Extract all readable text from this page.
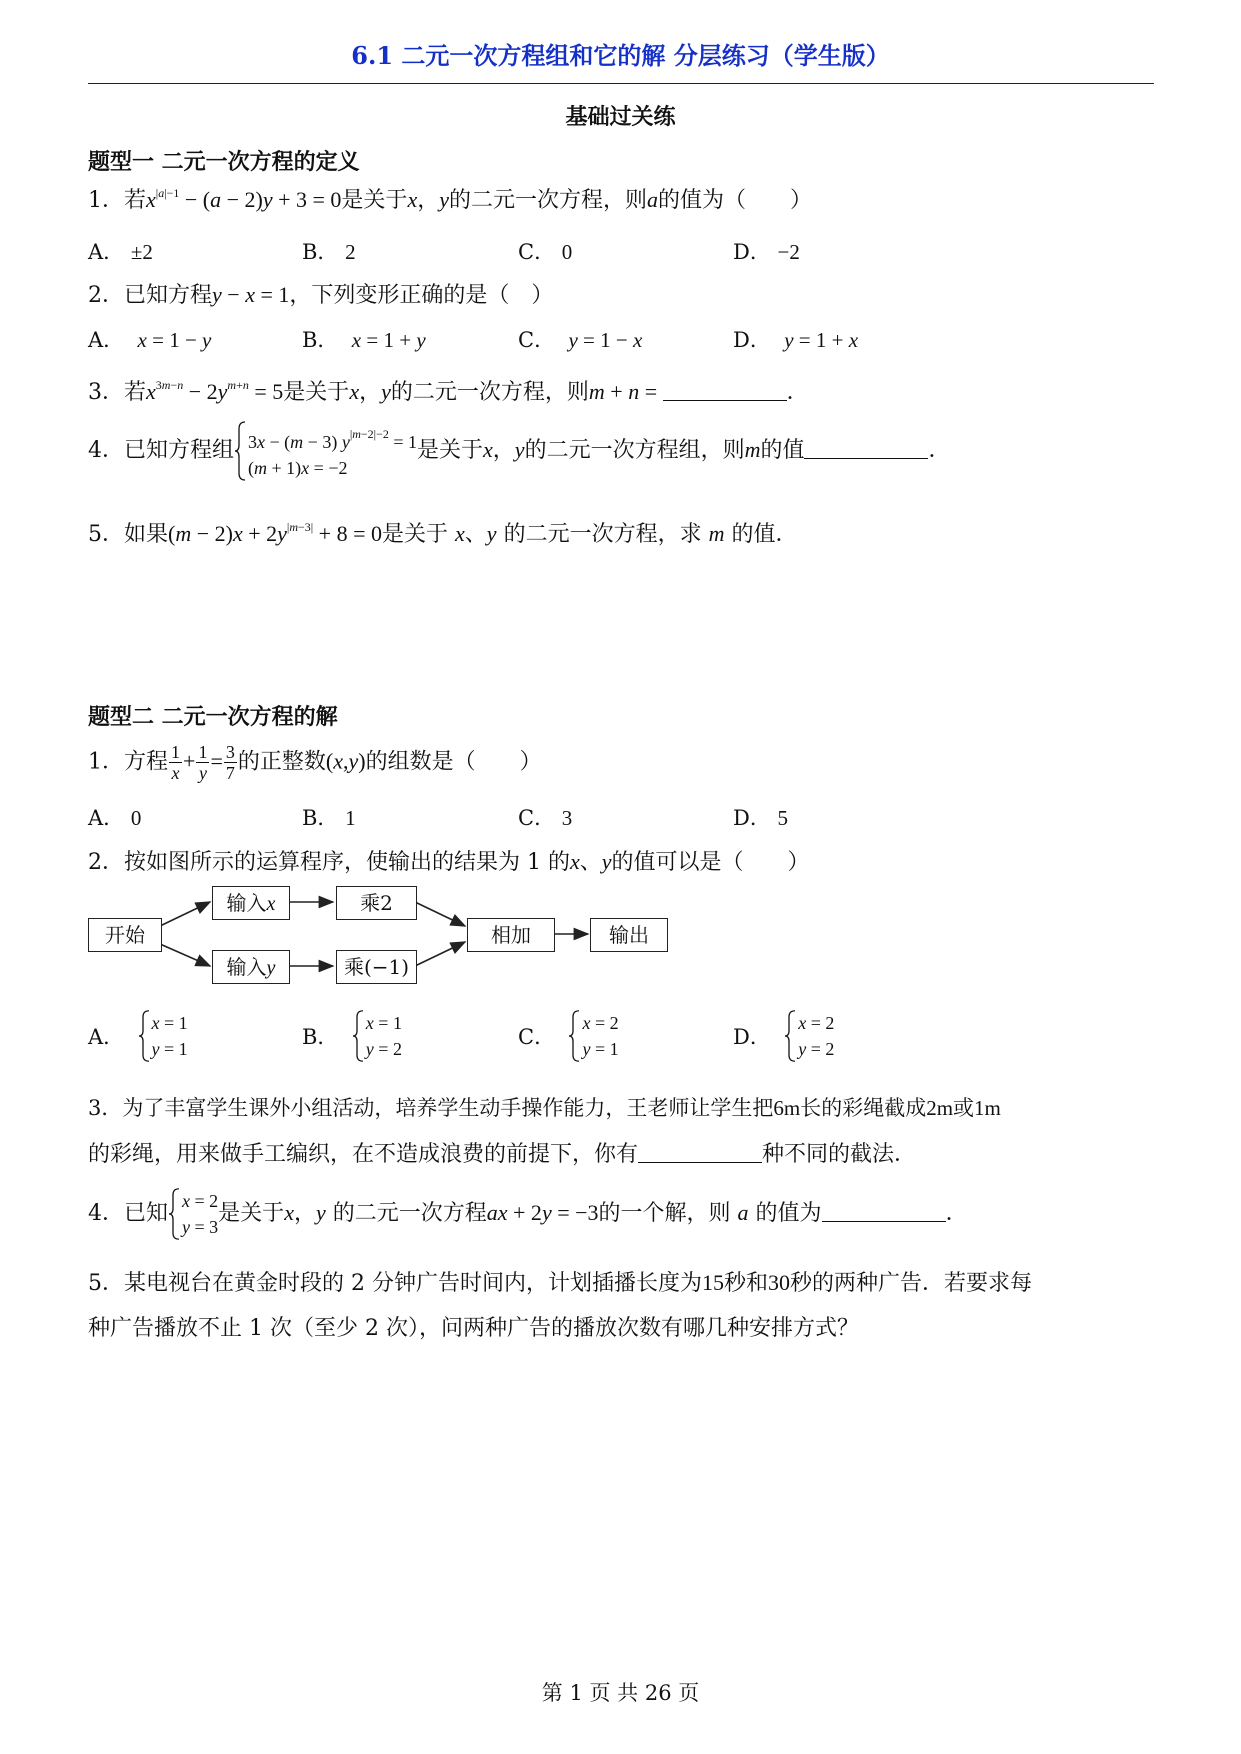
6.1 二元一次方程组和它的解 分层练习（学生版）
基础过关练
题型一 二元一次方程的定义
1．若$x^{|a|-1} - (a - 2)y + 3 = 0$是关于x，y的二元一次方程，则a的值为（　　）
A． ±2	B． 2	C． 0	D． −2
2．已知方程y − x = 1，下列变形正确的是（　）
A． x = 1 − y	B． x = 1 + y	C． y = 1 − x	D． y = 1 + x
3．若$x^{3m-n} - 2y^{m+n} = 5$是关于x，y的二元一次方程，则m + n =	．
4．已知方程组 3x − (m − 3) $y^{|m-2|-2} = 1$
(m + 1)x = −2
是关于x，y的二元一次方程组，则m的值	．
5．如果$(m - 2)x + 2y^{|m-3|} + 8 = 0$是关于 x、y 的二元一次方程，求 m 的值．
题型二 二元一次方程的解
1．方程 $\frac{1}{x} + \frac{1}{y} = \frac{3}{7}$ 的正整数(x,y)的组数是（　　）
A． 0	B． 1	C． 3	D． 5
2．按如图所示的运算程序，使输出的结果为 1 的x、y的值可以是（　　）
开始
输入x	乘2
输入y	乘(−1)
相加	输出
A．
x = 1
y = 1	B．
x = 1
y = 2	C．
x = 2
y = 1	D．
x = 2
y = 2
3．为了丰富学生课外小组活动，培养学生动手操作能力，王老师让学生把6m长的彩绳截成2m或1m
的彩绳，用来做手工编织，在不造成浪费的前提下，你有	种不同的截法．
4．已知 x = 2
y = 3
是关于x，y 的二元一次方程ax + 2y = −3的一个解，则 a 的值为	．
5．某电视台在黄金时段的 2 分钟广告时间内，计划插播长度为15秒和30秒的两种广告．若要求每
种广告播放不止 1 次（至少 2 次），问两种广告的播放次数有哪几种安排方式？
第 1 页 共 26 页
